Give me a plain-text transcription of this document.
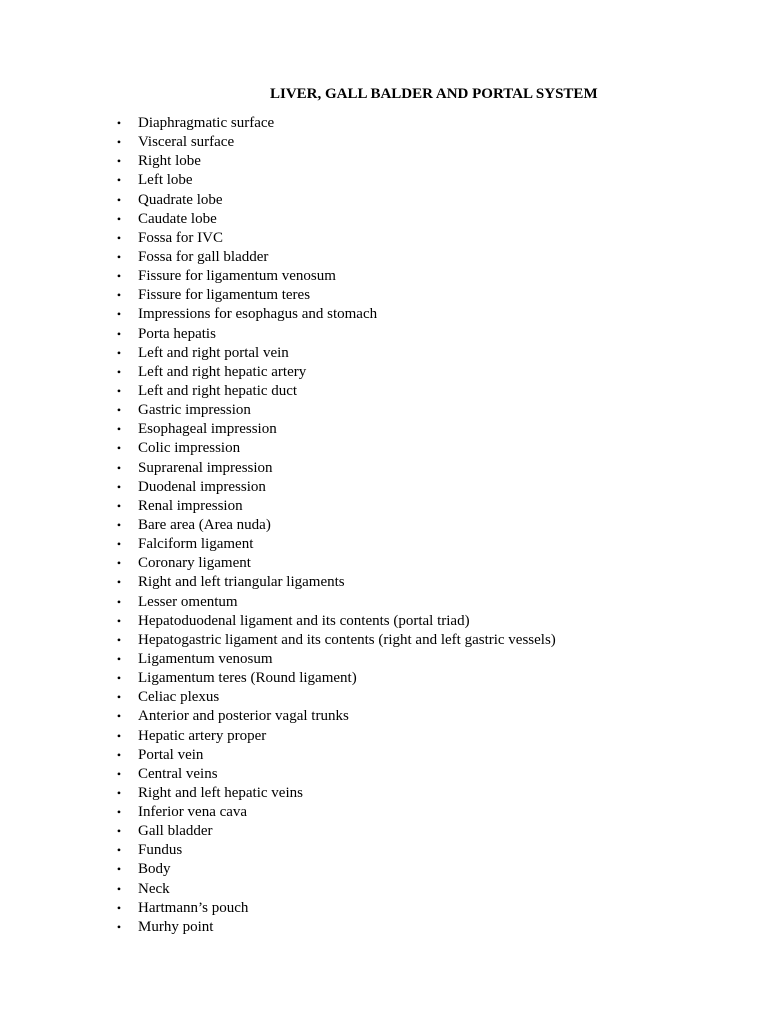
LIVER, GALL BALDER AND PORTAL SYSTEM
•	Diaphragmatic surface
•	Visceral surface
•	Right lobe
•	Left lobe
•	Quadrate lobe
•	Caudate lobe
•	Fossa for IVC
•	Fossa for gall bladder
•	Fissure for ligamentum venosum
•	Fissure for ligamentum teres
•	Impressions for esophagus and stomach
•	Porta hepatis
•	Left and right portal vein
•	Left and right hepatic artery
•	Left and right hepatic duct
•	Gastric impression
•	Esophageal impression
•	Colic impression
•	Suprarenal impression
•	Duodenal impression
•	Renal impression
•	Bare area (Area nuda)
•	Falciform ligament
•	Coronary ligament
•	Right and left triangular ligaments
•	Lesser omentum
•	Hepatoduodenal ligament and its contents (portal triad)
•	Hepatogastric ligament and its contents (right and left gastric vessels)
•	Ligamentum venosum
•	Ligamentum teres (Round ligament)
•	Celiac plexus
•	Anterior and posterior vagal trunks
•	Hepatic artery proper
•	Portal vein
•	Central veins
•	Right and left hepatic veins
•	Inferior vena cava
•	Gall bladder
•	Fundus
•	Body
•	Neck
•	Hartmann’s pouch
•	Murhy point
